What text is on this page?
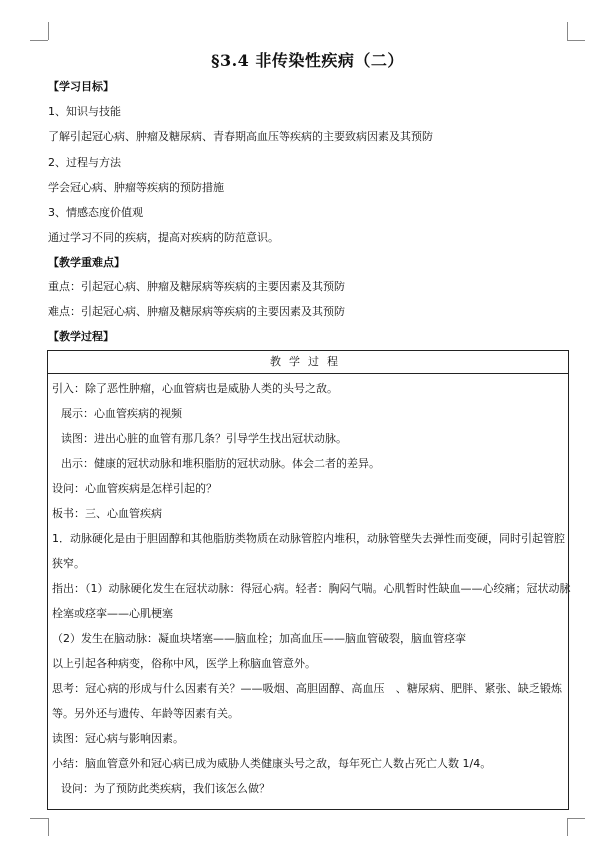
§3.4 非传染性疾病（二）
【学习目标】
1、知识与技能
了解引起冠心病、肿瘤及糖尿病、青春期高血压等疾病的主要致病因素及其预防
2、过程与方法
学会冠心病、肿瘤等疾病的预防措施
3、情感态度价值观
通过学习不同的疾病，提高对疾病的防范意识。
【教学重难点】
重点：引起冠心病、肿瘤及糖尿病等疾病的主要因素及其预防
难点：引起冠心病、肿瘤及糖尿病等疾病的主要因素及其预防
【教学过程】
教学过程
引入：除了恶性肿瘤，心血管病也是威胁人类的头号之敌。
展示：心血管疾病的视频
读图：进出心脏的血管有那几条？引导学生找出冠状动脉。
出示：健康的冠状动脉和堆积脂肪的冠状动脉。体会二者的差异。
设问：心血管疾病是怎样引起的？
板书：三、心血管疾病
1．动脉硬化是由于胆固醇和其他脂肪类物质在动脉管腔内堆积，动脉管壁失去弹性而变硬，同时引起管腔
狭窄。
指出：（1）动脉硬化发生在冠状动脉：得冠心病。轻者：胸闷气喘。心肌暂时性缺血——心绞痛；冠状动脉
栓塞或痉挛——心肌梗塞
（2）发生在脑动脉：凝血块堵塞——脑血栓；加高血压——脑血管破裂，脑血管痉挛
以上引起各种病变，俗称中风，医学上称脑血管意外。
思考：冠心病的形成与什么因素有关？——吸烟、高胆固醇、高血压　、糖尿病、肥胖、紧张、缺乏锻炼
等。另外还与遗传、年龄等因素有关。
读图：冠心病与影响因素。
小结：脑血管意外和冠心病已成为威胁人类健康头号之敌，每年死亡人数占死亡人数 1/4。
设问：为了预防此类疾病，我们该怎么做？
